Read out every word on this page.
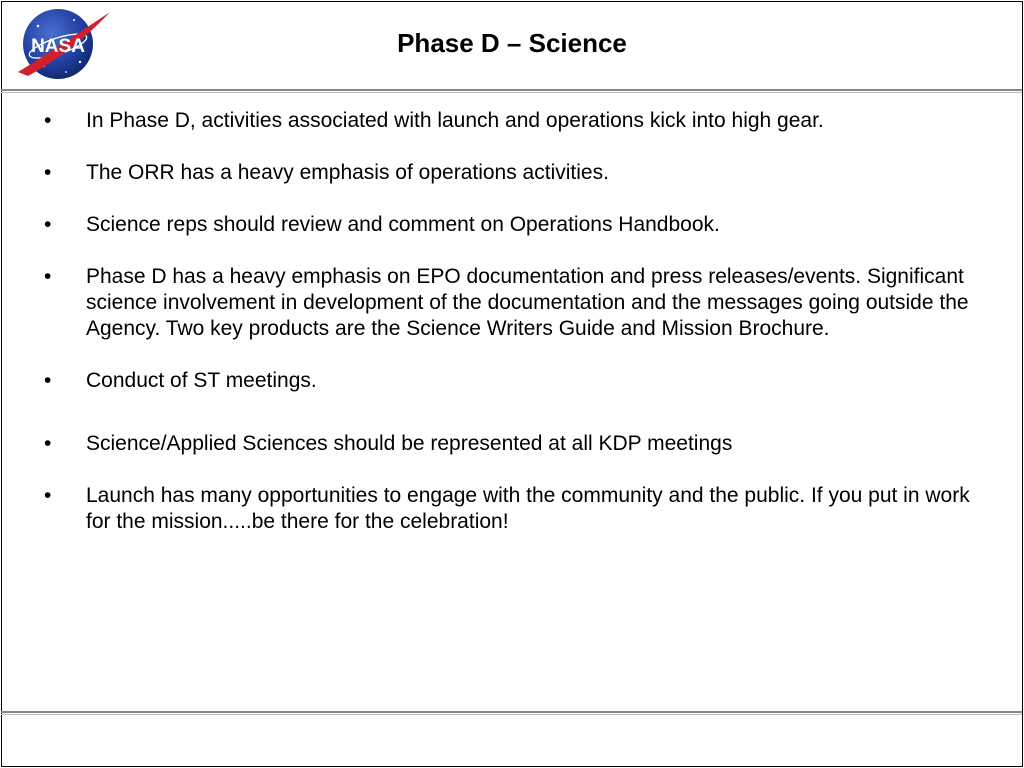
NASA	Phase D – Science
•	In Phase D, activities associated with launch and operations kick into high gear.
•	The ORR has a heavy emphasis of operations activities.
•	Science reps should review and comment on Operations Handbook.
•	Phase D has a heavy emphasis on EPO documentation and press releases/events. Significant science involvement in development of the documentation and the messages going outside the Agency. Two key products are the Science Writers Guide and Mission Brochure.
•	Conduct of ST meetings.
•	Science/Applied Sciences should be represented at all KDP meetings
•	Launch has many opportunities to engage with the community and the public. If you put in work for the mission.....be there for the celebration!
